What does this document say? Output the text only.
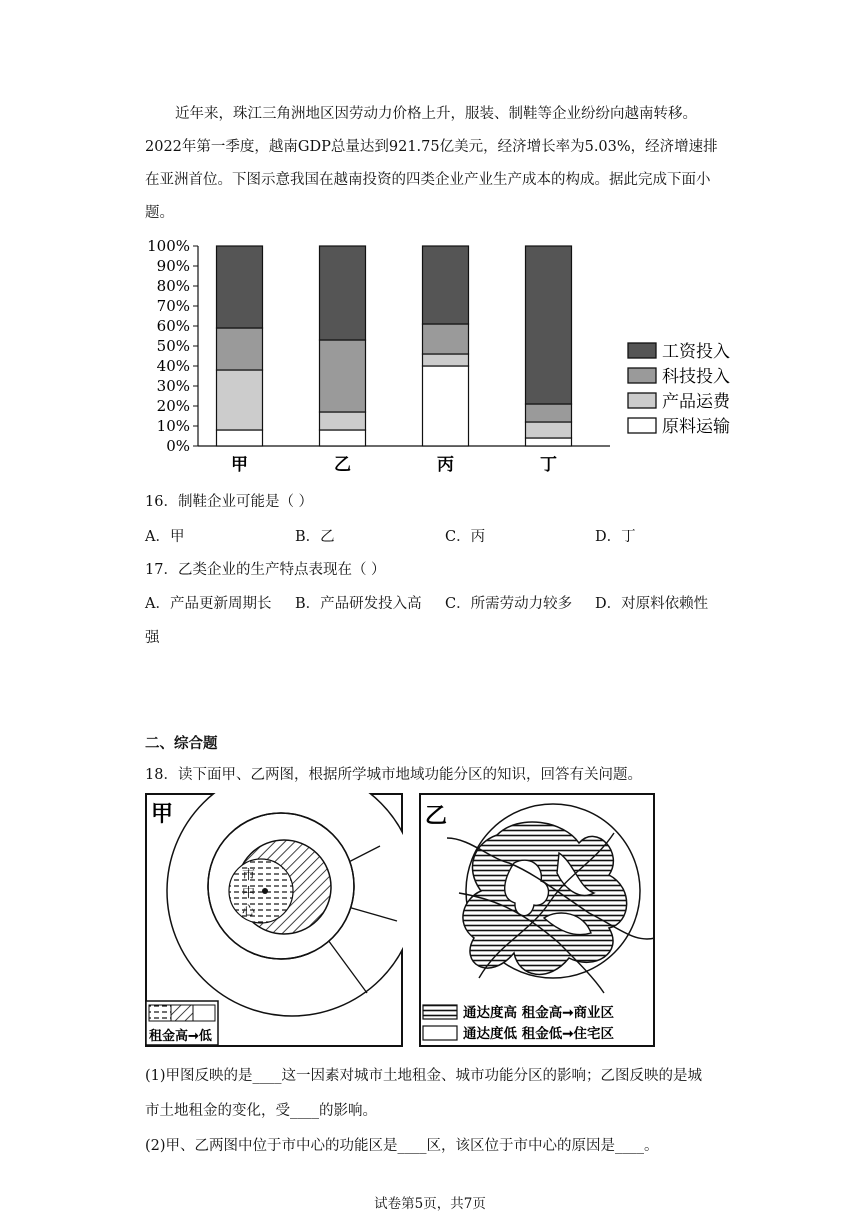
近年来，珠江三角洲地区因劳动力价格上升，服装、制鞋等企业纷纷向越南转移。2022年第一季度，越南GDP总量达到921.75亿美元，经济增长率为5.03%，经济增速排在亚洲首位。下图示意我国在越南投资的四类企业产业生产成本的构成。据此完成下面小题。
0%
10%
20%
30%
40%
50%
60%
70%
80%
90%
100%
甲	乙	丙	丁
工资投入
科技投入
产品运费
原料运输
16．制鞋企业可能是（ ）
A．甲	B．乙	C．丙	D．丁
17．乙类企业的生产特点表现在（ ）
A．产品更新周期长 B．产品研发投入高 C．所需劳动力较多 D．对原料依赖性
强
二、综合题
18．读下面甲、乙两图，根据所学城市地域功能分区的知识，回答有关问题。
市
中
心
甲
租金高➞低
乙
通达度高 租金高➞商业区
通达度低 租金低➞住宅区
(1)甲图反映的是____这一因素对城市土地租金、城市功能分区的影响；乙图反映的是城
市土地租金的变化，受____的影响。
(2)甲、乙两图中位于市中心的功能区是____区，该区位于市中心的原因是____。
试卷第5页，共7页
